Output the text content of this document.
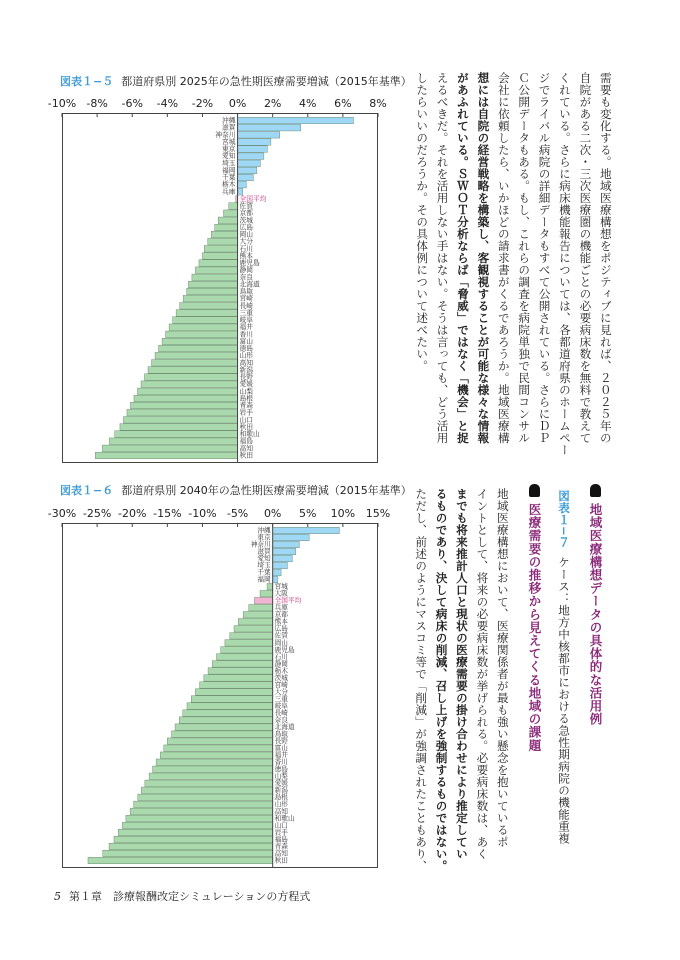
図表１−５ 都道府県別 2025年の急性期医療需要増減（2015年基準）
-10% -8% -6% -4% -2% 0% 2% 4% 6% 8%
沖縄
滋賀
神奈川
宮城
東京
愛知
埼玉
福岡
千葉
栃木
兵庫
全国平均
佐賀
京都
茨城
広島
岡山
大分
石川
熊本
鹿児島
静岡
奈良
北海道
鳥取
宮崎
長崎
三重
岐阜
福井
香川
富山
徳島
山形
高知
新潟
長野
愛媛
山梨
島根
青森
岩手
山口
秋田
和歌山
福島
高知
秋田
図表１−６ 都道府県別 2040年の急性期医療需要増減（2015年基準）
-30% -25% -20% -15% -10% -5% 0% 5% 10% 15%
沖縄
東京
神奈川
滋賀
愛知
埼玉
千葉
福岡
宮城
大阪
全国平均
兵庫
京都
熊本
広島
佐賀
岡山
鹿児島
石川
静岡
栃木
茨城
宮崎
大分
三重
岐阜
長崎
奈良
北海道
鳥取
長野
富山
福井
香川
徳島
山梨
愛媛
新潟
島根
山形
高知
和歌山
山口
岩手
福島
青森
高知
秋田
需要も変化する。地域医療構想をポジティブに見れば、２０２５年の
自院がある二次・三次医療圏の機能ごとの必要病床数を無料で教えて
くれている。さらに病床機能報告については、各都道府県のホームペー
ジでライバル病院の詳細データもすべて公開されている。さらにＤＰ
Ｃ公開データもある。もし、これらの調査を病院単独で民間コンサル
会社に依頼したら、いかほどの請求書がくるであろうか。地域医療構
想には自院の経営戦略を構築し、客観視することが可能な様々な情報
があふれている。ＳＷＯＴ分析ならば「脅威」ではなく「機会」と捉
えるべきだ。それを活用しない手はない。そうは言っても、どう活用
したらいいのだろうか。その具体例について述べたい。
地域医療構想データの具体的な活用例
図表１−７ケース：地方中核都市における急性期病院の機能重複
医療需要の推移から見えてくる地域の課題
地域医療構想において、医療関係者が最も強い懸念を抱いているポ
イントとして、将来の必要病床数が挙げられる。必要病床数は、あく
までも将来推計人口と現状の医療需要の掛け合わせにより推定してい
るものであり、決して病床の削減、召し上げを強制するものではない。
ただし、前述のようにマスコミ等で「削減」が強調されたこともあり、
5 第１章　診療報酬改定シミュレーションの方程式
